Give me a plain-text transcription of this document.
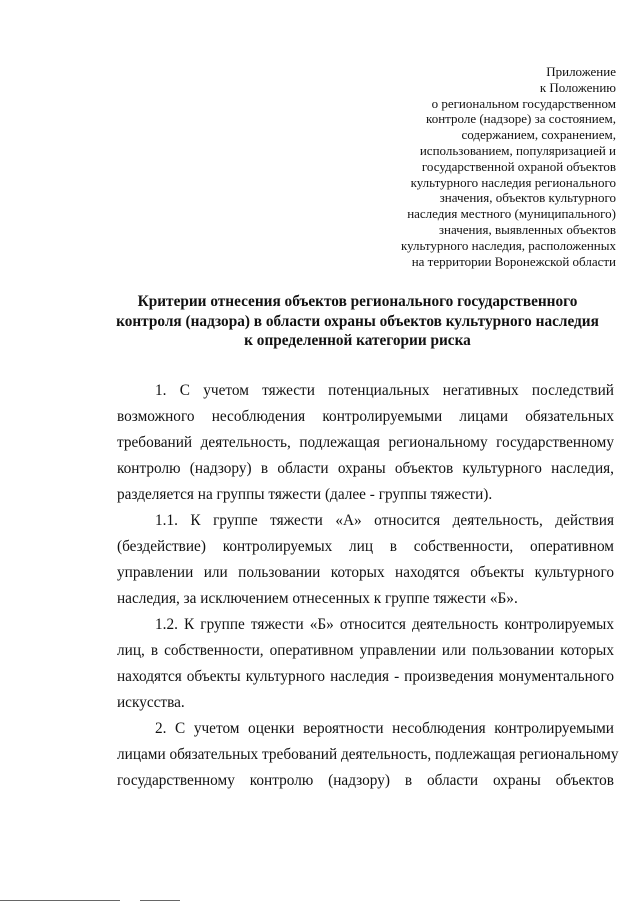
Приложение
к Положению
о региональном государственном
контроле (надзоре) за состоянием,
содержанием, сохранением,
использованием, популяризацией и
государственной охраной объектов
культурного наследия регионального
значения, объектов культурного
наследия местного (муниципального)
значения, выявленных объектов
культурного наследия, расположенных
на территории Воронежской области
Критерии отнесения объектов регионального государственного
контроля (надзора) в области охраны объектов культурного наследия
к определенной категории риска
1. С учетом тяжести потенциальных негативных последствий
возможного несоблюдения контролируемыми лицами обязательных
требований деятельность, подлежащая региональному государственному
контролю (надзору) в области охраны объектов культурного наследия,
разделяется на группы тяжести (далее - группы тяжести).
1.1. К группе тяжести «А» относится деятельность, действия
(бездействие) контролируемых лиц в собственности, оперативном
управлении или пользовании которых находятся объекты культурного
наследия, за исключением отнесенных к группе тяжести «Б».
1.2. К группе тяжести «Б» относится деятельность контролируемых
лиц, в собственности, оперативном управлении или пользовании которых
находятся объекты культурного наследия - произведения монументального
искусства.
2. С учетом оценки вероятности несоблюдения контролируемыми
лицами обязательных требований деятельность, подлежащая региональному
государственному контролю (надзору) в области охраны объектов
